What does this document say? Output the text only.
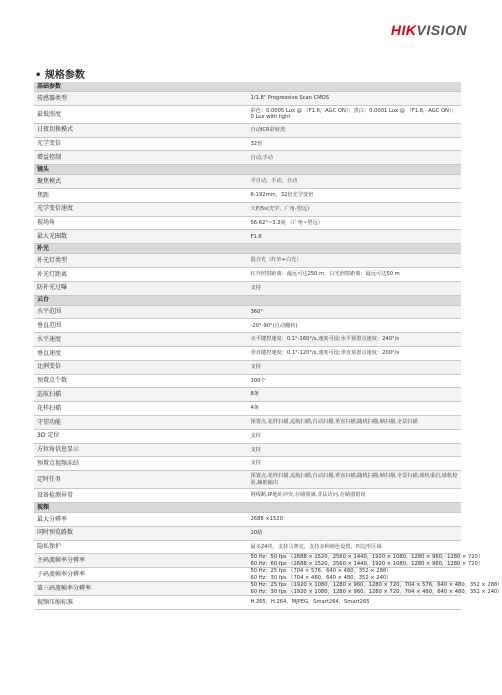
HIKVISION
• 规格参数
基础参数	
传感器类型	1/1.8" Progressive Scan CMOS

最低照度	彩色：0.0005 Lux @ （F1.6，AGC ON）；黑白：0.0001 Lux @ （F1.6，AGC ON）；0 Lux with light

日夜切换模式	自动ICR彩转黑

光学变倍	32倍

增益控制	自动,手动

镜头	
聚焦模式	半自动，手动，自动

焦距	6-192mm，32倍光学变倍

光学变倍速度	大约5s(光学，广角-望远)

视场角	56.62°~3.3度 （广角~望远）

最大光圈数	F1.6

补光	
补光灯类型	混合光（红外+白光）

补光灯距离	红外照射距离：最远可达250 m，白光照射距离：最远可达50 m

防补光过曝	支持

云台	
水平范围	360°

垂直范围	-20°-90°(自动翻转)

水平速度	水平键控速度：0.1°-160°/s,速度可设;水平预置点速度：240°/s

垂直速度	垂直键控速度：0.1°-120°/s,速度可设;垂直预置点速度：200°/s

比例变倍	支持

预置点个数	300个

巡航扫描	8条

花样扫描	4条

守望功能	预置点,花样扫描,巡航扫描,自动扫描,垂直扫描,随机扫描,帧扫描,全景扫描

3D 定位	支持

方位角信息显示	支持

预置点视频冻结	支持

定时任务	预置点,花样扫描,巡航扫描,自动扫描,垂直扫描,随机扫描,帧扫描,全景扫描,球机重启,球机校验,辅助输出

设备检测异常	网线断,IP地址冲突,存储器满,非法访问,存储器错误

视频	
最大分辨率	2688 ×1520

同时预览路数	20路

隐私保护	最多24块，支持马赛克、支持多种颜色设置，四边形区域

主码流帧率分辨率	50 Hz：50 fps （2688 × 1520，2560 × 1440，1920 × 1080，1280 × 960，1280 × 720）
60 Hz：60 fps （2688 × 1520，2560 × 1440，1920 × 1080，1280 × 960，1280 × 720）

子码流帧率分辨率	50 Hz：25 fps （704 × 576，640 × 480，352 × 288）
60 Hz：30 fps （704 × 480，640 × 480，352 × 240）

第三码流帧率分辨率	50 Hz：25 fps （1920 × 1080，1280 × 960，1280 × 720，704 × 576，640 × 480，352 × 288）
60 Hz：30 fps （1920 × 1080，1280 × 960，1280 × 720，704 × 480，640 × 480，352 × 240）

视频压缩标准	H.265，H.264，MJPEG，Smart264，Smart265
